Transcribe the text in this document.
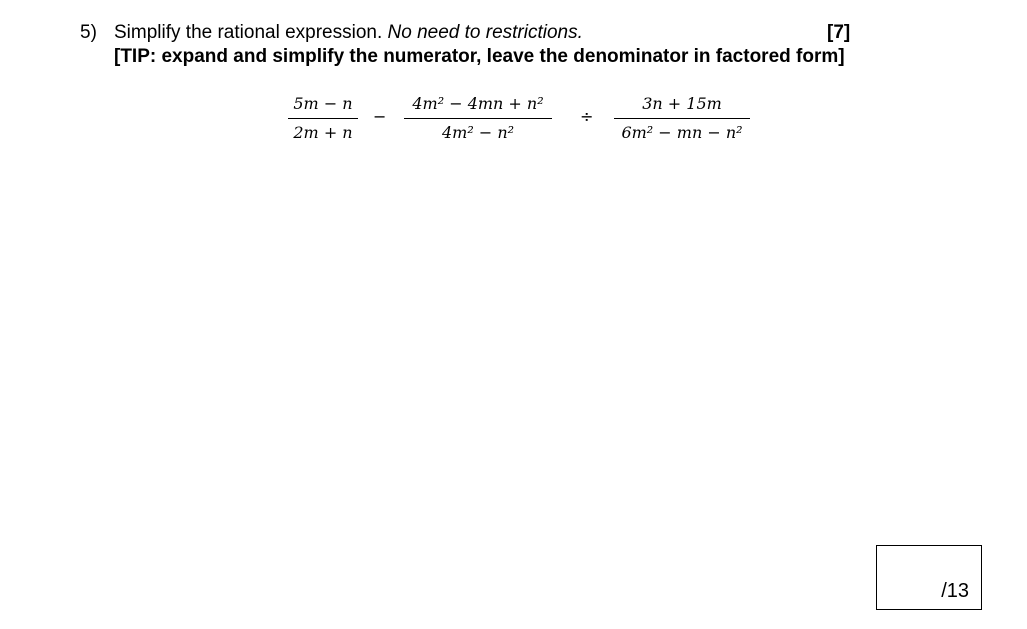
5) Simplify the rational expression. No need to restrictions.	[7]
[TIP: expand and simplify the numerator, leave the denominator in factored form]
5m − n
2m + n
−
4m² − 4mn + n²
4m² − n²
÷
3n + 15m
6m² − mn − n²
/13
